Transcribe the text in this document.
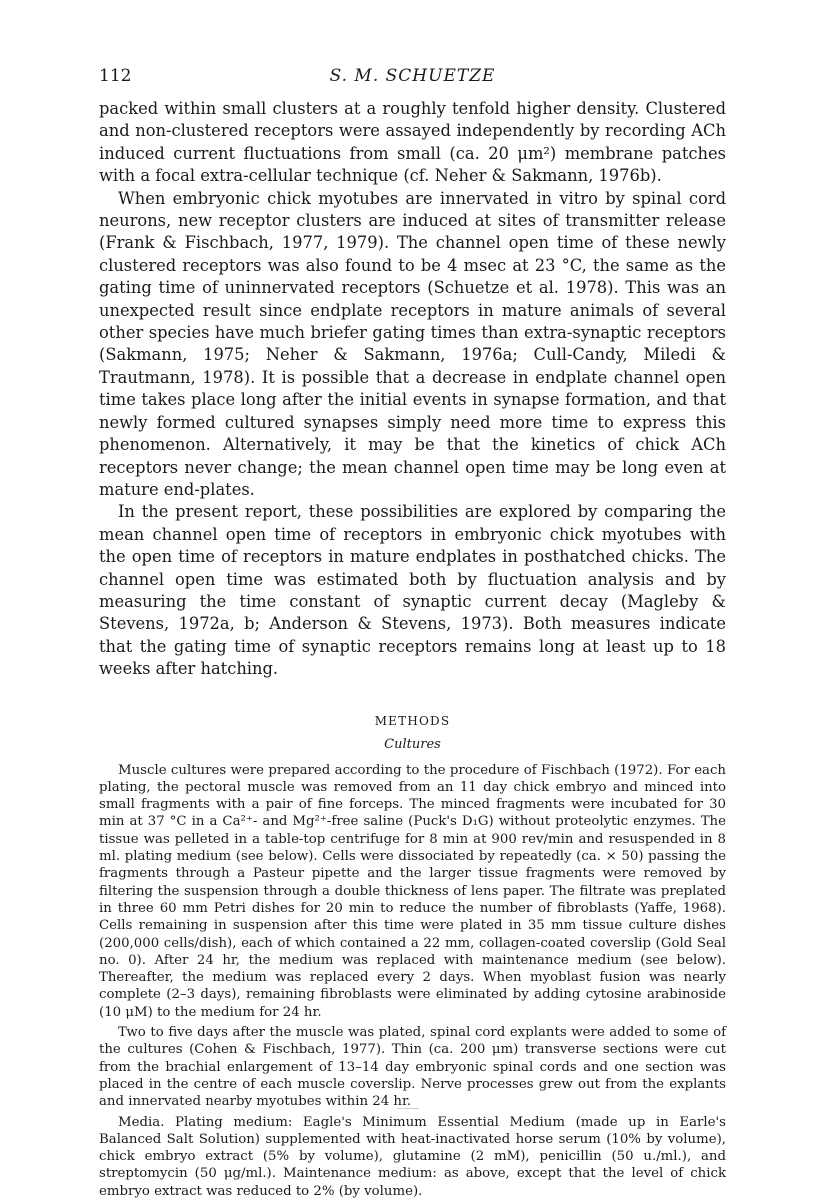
112	S. M. SCHUETZE

packed within small clusters at a roughly tenfold higher density. Clustered and non-clustered receptors were assayed independently by recording ACh induced current fluctuations from small (ca. 20 μm²) membrane patches with a focal extra-cellular technique (cf. Neher & Sakmann, 1976b).

When embryonic chick myotubes are innervated in vitro by spinal cord neurons, new receptor clusters are induced at sites of transmitter release (Frank & Fischbach, 1977, 1979). The channel open time of these newly clustered receptors was also found to be 4 msec at 23 °C, the same as the gating time of uninnervated receptors (Schuetze et al. 1978). This was an unexpected result since endplate receptors in mature animals of several other species have much briefer gating times than extra-synaptic receptors (Sakmann, 1975; Neher & Sakmann, 1976a; Cull-Candy, Miledi & Trautmann, 1978). It is possible that a decrease in endplate channel open time takes place long after the initial events in synapse formation, and that newly formed cultured synapses simply need more time to express this phenomenon. Alternatively, it may be that the kinetics of chick ACh receptors never change; the mean channel open time may be long even at mature end-plates.

In the present report, these possibilities are explored by comparing the mean channel open time of receptors in embryonic chick myotubes with the open time of receptors in mature endplates in posthatched chicks. The channel open time was estimated both by fluctuation analysis and by measuring the time constant of synaptic current decay (Magleby & Stevens, 1972a, b; Anderson & Stevens, 1973). Both measures indicate that the gating time of synaptic receptors remains long at least up to 18 weeks after hatching.

METHODS
Cultures

Muscle cultures were prepared according to the procedure of Fischbach (1972). For each plating, the pectoral muscle was removed from an 11 day chick embryo and minced into small fragments with a pair of fine forceps. The minced fragments were incubated for 30 min at 37 °C in a Ca²⁺- and Mg²⁺-free saline (Puck's D₁G) without proteolytic enzymes. The tissue was pelleted in a table-top centrifuge for 8 min at 900 rev/min and resuspended in 8 ml. plating medium (see below). Cells were dissociated by repeatedly (ca. × 50) passing the fragments through a Pasteur pipette and the larger tissue fragments were removed by filtering the suspension through a double thickness of lens paper. The filtrate was preplated in three 60 mm Petri dishes for 20 min to reduce the number of fibroblasts (Yaffe, 1968). Cells remaining in suspension after this time were plated in 35 mm tissue culture dishes (200,000 cells/dish), each of which contained a 22 mm, collagen-coated coverslip (Gold Seal no. 0). After 24 hr, the medium was replaced with maintenance medium (see below). Thereafter, the medium was replaced every 2 days. When myoblast fusion was nearly complete (2–3 days), remaining fibroblasts were eliminated by adding cytosine arabinoside (10 μM) to the medium for 24 hr.

Two to five days after the muscle was plated, spinal cord explants were added to some of the cultures (Cohen & Fischbach, 1977). Thin (ca. 200 μm) transverse sections were cut from the brachial enlargement of 13–14 day embryonic spinal cords and one section was placed in the centre of each muscle coverslip. Nerve processes grew out from the explants and innervated nearby myotubes within 24 hr.

Media. Plating medium: Eagle's Minimum Essential Medium (made up in Earle's Balanced Salt Solution) supplemented with heat-inactivated horse serum (10% by volume), chick embryo extract (5% by volume), glutamine (2 mM), penicillin (50 u./ml.), and streptomycin (50 μg/ml.). Maintenance medium: as above, except that the level of chick embryo extract was reduced to 2% (by volume).
